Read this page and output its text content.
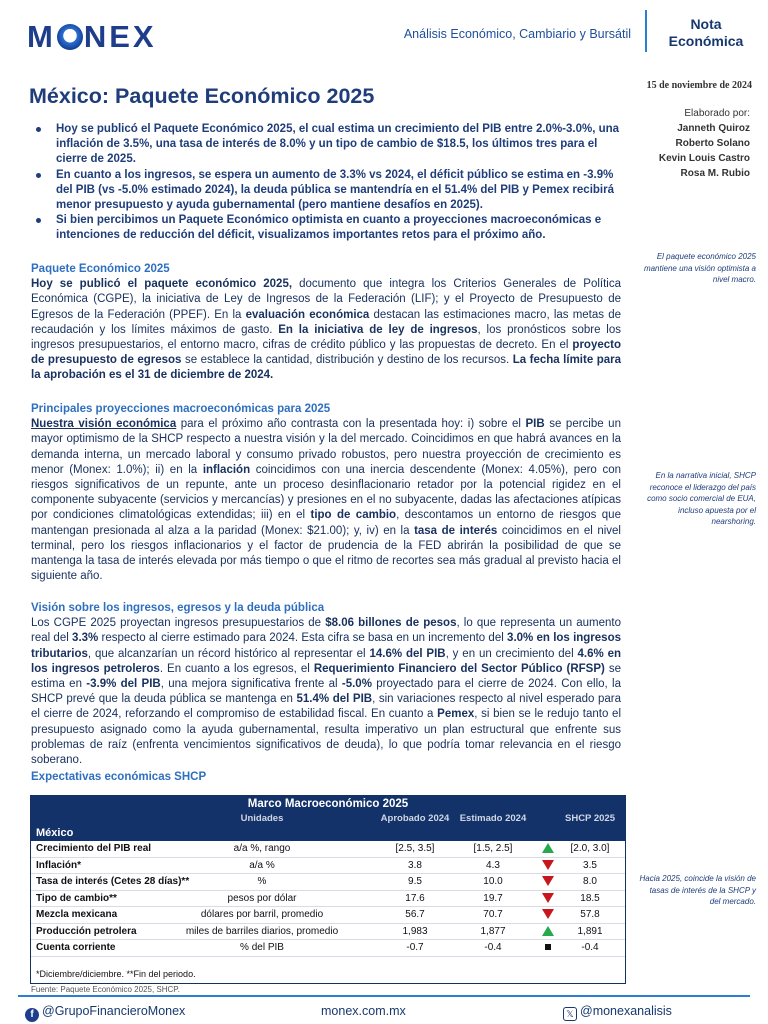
M NEX	Análisis Económico, Cambiario y Bursátil
Nota
Económica
México: Paquete Económico 2025	15 de noviembre de 2024
Elaborado por:
Janneth Quiroz
Roberto Solano
Kevin Louis Castro
Rosa M. Rubio
Hoy se publicó el Paquete Económico 2025, el cual estima un crecimiento del PIB entre 2.0%-3.0%, una inflación de 3.5%, una tasa de interés de 8.0% y un tipo de cambio de $18.5, los últimos tres para el cierre de 2025.
En cuanto a los ingresos, se espera un aumento de 3.3% vs 2024, el déficit público se estima en -3.9% del PIB (vs -5.0% estimado 2024), la deuda pública se mantendría en el 51.4% del PIB y Pemex recibirá menor presupuesto y ayuda gubernamental (pero mantiene desafíos en 2025).
Si bien percibimos un Paquete Económico optimista en cuanto a proyecciones macroeconómicas e intenciones de reducción del déficit, visualizamos importantes retos para el próximo año.
El paquete económico 2025 mantiene una visión optimista a nivel macro.
En la narrativa inicial, SHCP reconoce el liderazgo del país como socio comercial de EUA, incluso apuesta por el nearshoring.
Hacia 2025, coincide la visión de tasas de interés de la SHCP y del mercado.
Paquete Económico 2025
Hoy se publicó el paquete económico 2025, documento que integra los Criterios Generales de Política Económica (CGPE), la iniciativa de Ley de Ingresos de la Federación (LIF); y el Proyecto de Presupuesto de Egresos de la Federación (PPEF). En la evaluación económica destacan las estimaciones macro, las metas de recaudación y los límites máximos de gasto. En la iniciativa de ley de ingresos, los pronósticos sobre los ingresos presupuestarios, el entorno macro, cifras de crédito público y las propuestas de decreto. En el proyecto de presupuesto de egresos se establece la cantidad, distribución y destino de los recursos. La fecha límite para la aprobación es el 31 de diciembre de 2024.
Principales proyecciones macroeconómicas para 2025
Nuestra visión económica para el próximo año contrasta con la presentada hoy: i) sobre el PIB se percibe un mayor optimismo de la SHCP respecto a nuestra visión y la del mercado. Coincidimos en que habrá avances en la demanda interna, un mercado laboral y consumo privado robustos, pero nuestra proyección de crecimiento es menor (Monex: 1.0%); ii) en la inflación coincidimos con una inercia descendente (Monex: 4.05%), pero con riesgos significativos de un repunte, ante un proceso desinflacionario retador por la potencial rigidez en el componente subyacente (servicios y mercancías) y presiones en el no subyacente, dadas las afectaciones atípicas por condiciones climatológicas extendidas; iii) en el tipo de cambio, descontamos un entorno de riesgos que mantengan presionada al alza a la paridad (Monex: $21.00); y, iv) en la tasa de interés coincidimos en el nivel terminal, pero los riesgos inflacionarios y el factor de prudencia de la FED abrirán la posibilidad de que se mantenga la tasa de interés elevada por más tiempo o que el ritmo de recortes sea más gradual al previsto hacia el siguiente año.
Visión sobre los ingresos, egresos y la deuda pública
Los CGPE 2025 proyectan ingresos presupuestarios de $8.06 billones de pesos, lo que representa un aumento real del 3.3% respecto al cierre estimado para 2024. Esta cifra se basa en un incremento del 3.0% en los ingresos tributarios, que alcanzarían un récord histórico al representar el 14.6% del PIB, y en un crecimiento del 4.6% en los ingresos petroleros. En cuanto a los egresos, el Requerimiento Financiero del Sector Público (RFSP) se estima en -3.9% del PIB, una mejora significativa frente al -5.0% proyectado para el cierre de 2024. Con ello, la SHCP prevé que la deuda pública se mantenga en 51.4% del PIB, sin variaciones respecto al nivel esperado para el cierre de 2024, reforzando el compromiso de estabilidad fiscal. En cuanto a Pemex, si bien se le redujo tanto el presupuesto asignado como la ayuda gubernamental, resulta imperativo un plan estructural que enfrente sus problemas de raíz (enfrenta vencimientos significativos de deuda), lo que podría tomar relevancia en el riesgo soberano.
Expectativas económicas SHCP
Marco Macroeconómico 2025
Unidades	Aprobado 2024	Estimado 2024	SHCP 2025
México
Crecimiento del PIB real	a/a %, rango	[2.5, 3.5]	[1.5, 2.5]	[2.0, 3.0]
Inflación*	a/a %	3.8	4.3	3.5
Tasa de interés (Cetes 28 días)**	%	9.5	10.0	8.0
Tipo de cambio**	pesos por dólar	17.6	19.7	18.5
Mezcla mexicana	dólares por barril, promedio	56.7	70.7	57.8
Producción petrolera	miles de barriles diarios, promedio	1,983	1,877	1,891
Cuenta corriente	% del PIB	-0.7	-0.4	-0.4
*Diciembre/diciembre. **Fin del periodo.
Fuente: Paquete Económico 2025, SHCP.
f @GrupoFinancieroMonex	monex.com.mx	𝕏 @monexanalisis
